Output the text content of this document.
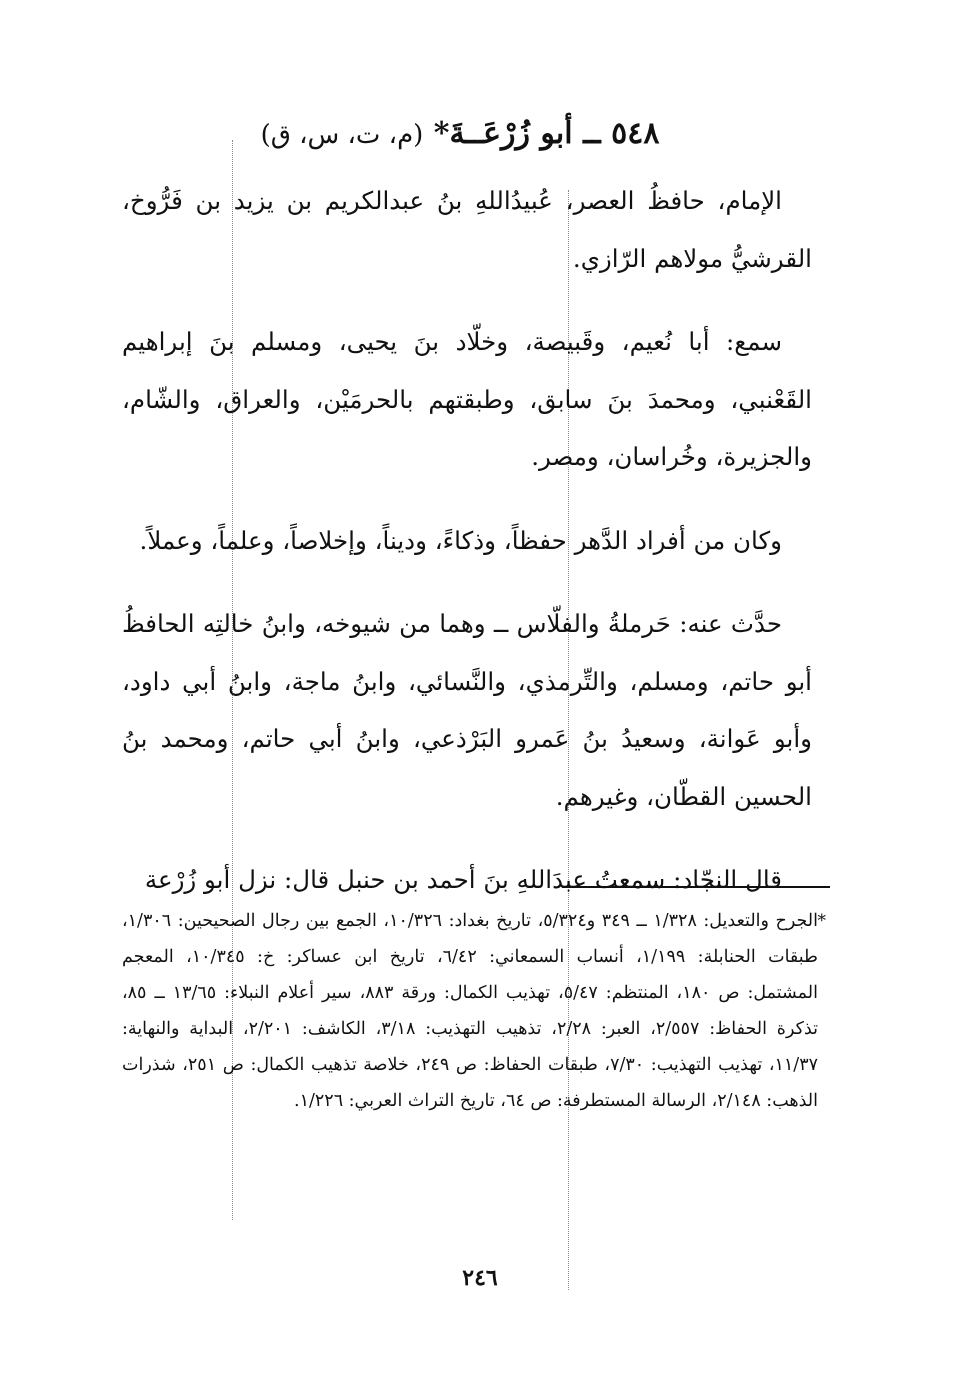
٥٤٨ ــ أبو زُرْعَــةَ* (م، ت، س، ق)

الإمام، حافظُ العصر، عُبيدُاللهِ بنُ عبدالكريم بن يزيد بن فَرُّوخ، القرشيُّ مولاهم الرّازي.

سمع: أبا نُعيم، وقَبيصة، وخلّاد بنَ يحيى، ومسلم بنَ إبراهيم القَعْنبي، ومحمدَ بنَ سابق، وطبقتهم بالحرمَيْن، والعراق، والشّام، والجزيرة، وخُراسان، ومصر.

وكان من أفراد الدَّهر حفظاً، وذكاءً، وديناً، وإخلاصاً، وعلماً، وعملاً.

حدَّث عنه: حَرملةُ والفلّاس ــ وهما من شيوخه، وابنُ خالتِه الحافظُ أبو حاتم، ومسلم، والتِّرمذي، والنَّسائي، وابنُ ماجة، وابنُ أبي داود، وأبو عَوانة، وسعيدُ بنُ عَمرو البَرْذعي، وابنُ أبي حاتم، ومحمد بنُ الحسين القطّان، وغيرهم.

قال النجّاد: سمعتُ عبدَاللهِ بنَ أحمد بن حنبل قال: نزل أبو زُرْعة

*
الجرح والتعديل: ١/٣٢٨ ــ ٣٤٩ و٥/٣٢٤، تاريخ بغداد: ١٠/٣٢٦، الجمع بين رجال الصحيحين: ١/٣٠٦، طبقات الحنابلة: ١/١٩٩، أنساب السمعاني: ٦/٤٢، تاريخ ابن عساكر: خ: ١٠/٣٤٥، المعجم المشتمل: ص ١٨٠، المنتظم: ٥/٤٧، تهذيب الكمال: ورقة ٨٨٣، سير أعلام النبلاء: ١٣/٦٥ ــ ٨٥، تذكرة الحفاظ: ٢/٥٥٧، العبر: ٢/٢٨، تذهيب التهذيب: ٣/١٨، الكاشف: ٢/٢٠١، البداية والنهاية: ١١/٣٧، تهذيب التهذيب: ٧/٣٠، طبقات الحفاظ: ص ٢٤٩، خلاصة تذهيب الكمال: ص ٢٥١، شذرات الذهب: ٢/١٤٨، الرسالة المستطرفة: ص ٦٤، تاريخ التراث العربي: ١/٢٢٦.
٢٤٦
